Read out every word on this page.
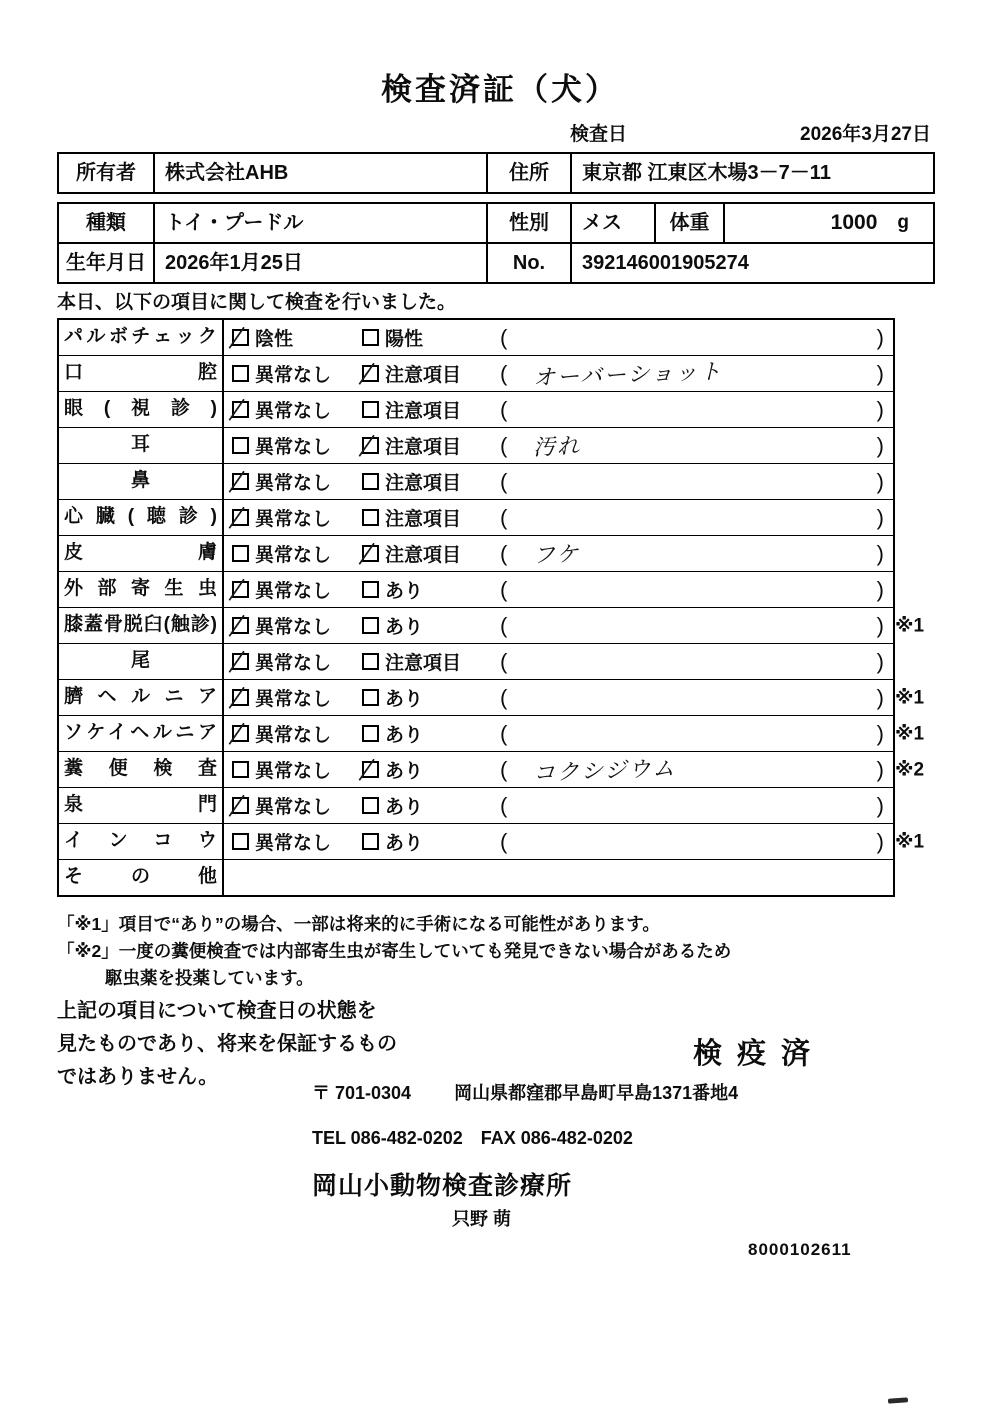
検査済証（犬）
検査日	2026年3月27日
所有者	株式会社AHB	住所	東京都 江東区木場3－7－11
種類	トイ・プードル	性別	メス	体重	1000 g
生年月日 2026年1月25日	No.	392146001905274
本日、以下の項目に関して検査を行いました。
パルボチェック	陰性	陽性	(	)
口腔	異常なし	注意項目 (	オーバーショット	)
眼(視診)	異常なし	注意項目 (	)
耳	異常なし	注意項目 (	汚れ	)
鼻	異常なし	注意項目 (	)
心臓(聴診)	異常なし	注意項目 (	)
皮膚	異常なし	注意項目 (	フケ	)
外部寄生虫	異常なし	あり	(	)
膝蓋骨脱臼(触診)	異常なし	あり	(	) ※1
尾	異常なし	注意項目 (	)
臍ヘルニア	異常なし	あり	(	) ※1
ソケイヘルニア	異常なし	あり	(	) ※1
糞便検査	異常なし	あり	(	コクシジウム	) ※2
泉門	異常なし	あり	(	)
インコウ	異常なし	あり	(	) ※1
その他
「※1」項目で“あり”の場合、一部は将来的に手術になる可能性があります。
「※2」一度の糞便検査では内部寄生虫が寄生していても発見できない場合があるため
駆虫薬を投薬しています。
上記の項目について検査日の状態を
見たものであり、将来を保証するもの
ではありません。
検疫済
〒 701-0304 岡山県都窪郡早島町早島1371番地4
TEL 086-482-0202　FAX 086-482-0202
岡山小動物検査診療所
只野 萌
8000102611
